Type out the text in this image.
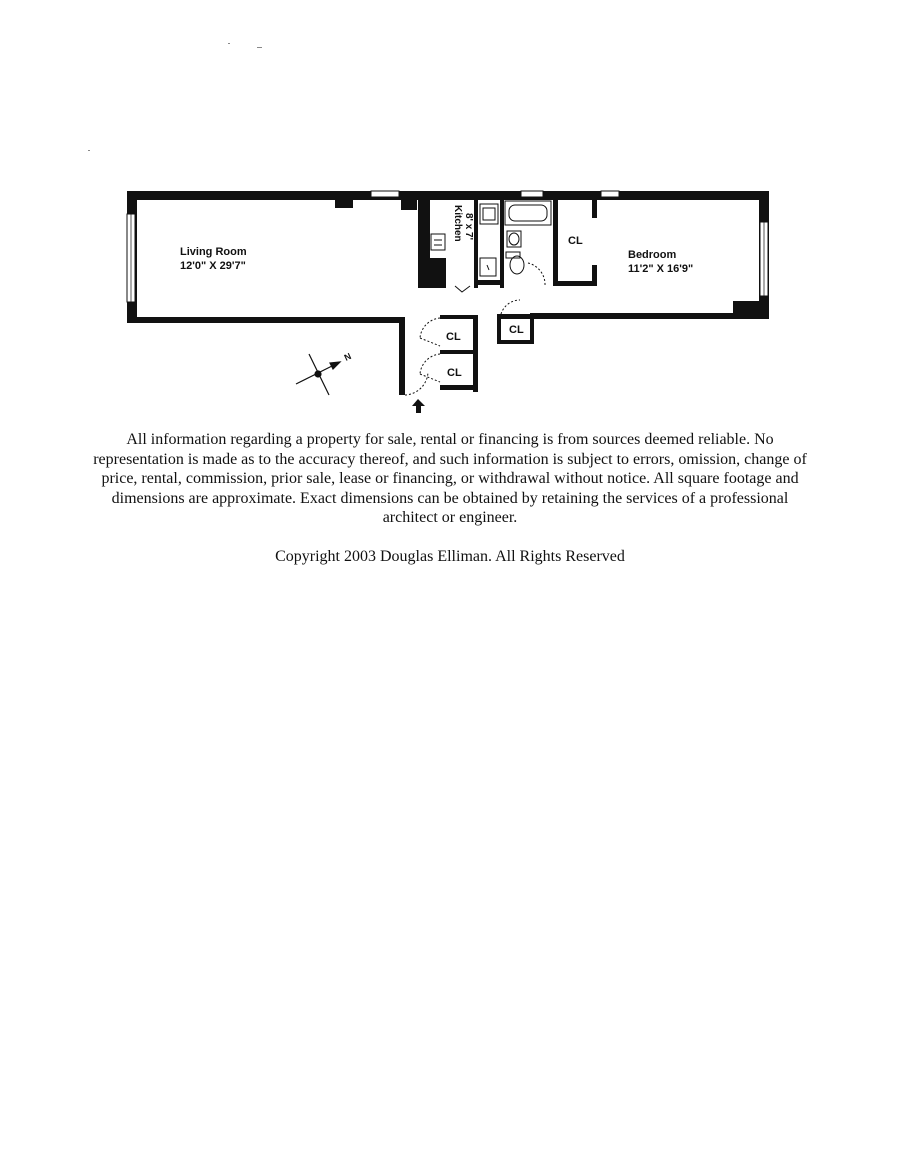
N
Living Room
12'0" X 29'7"
Bedroom
11'2" X 16'9"
Kitchen 8' x 7'
CL
CL
CL
CL

All information regarding a property for sale, rental or financing is from sources deemed reliable. No representation is made as to the accuracy thereof, and such information is subject to errors, omission, change of price, rental, commission, prior sale, lease or financing, or withdrawal without notice. All square footage and dimensions are approximate. Exact dimensions can be obtained by retaining the services of a professional architect or engineer.

Copyright 2003 Douglas Elliman. All Rights Reserved
